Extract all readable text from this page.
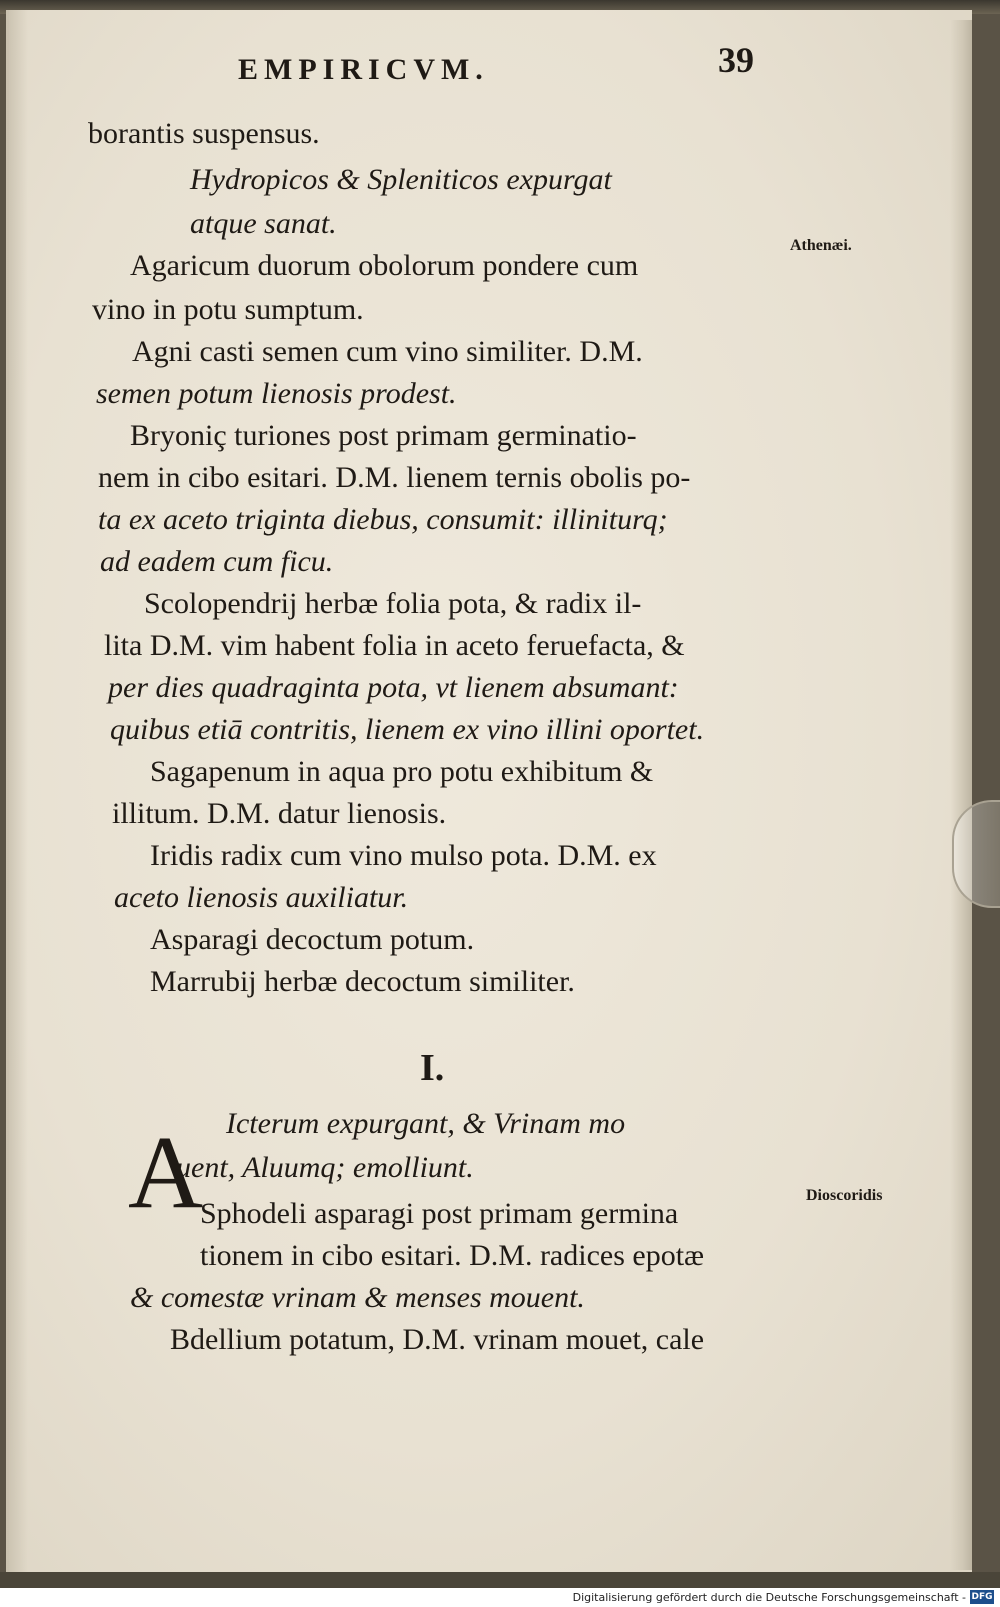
EMPIRICVM.	39

borantis suspensus.

Hydropicos & Spleniticos expurgat

atque sanat.

Agaricum duorum obolorum pondere cum

Athenæi.

vino in potu sumptum.

Agni casti semen cum vino similiter. D.M.

semen potum lienosis prodest.

Bryoniç turiones post primam germinatio-

nem in cibo esitari. D.M. lienem ternis obolis po-

ta ex aceto triginta diebus, consumit: illiniturq;

ad eadem cum ficu.

Scolopendrij herbæ folia pota, & radix il-

lita D.M. vim habent folia in aceto feruefacta, &

per dies quadraginta pota, vt lienem absumant:

quibus etiā contritis, lienem ex vino illini oportet.

Sagapenum in aqua pro potu exhibitum &

illitum. D.M. datur lienosis.

Iridis radix cum vino mulso pota. D.M. ex

aceto lienosis auxiliatur.

Asparagi decoctum potum.

Marrubij herbæ decoctum similiter.

I.

Icterum expurgant, & Vrinam mo

uent, Aluumq; emolliunt.

A

Sphodeli asparagi post primam germina

Dioscoridis

tionem in cibo esitari. D.M. radices epotæ

& comestæ vrinam & menses mouent.

Bdellium potatum, D.M. vrinam mouet, cale

Digitalisierung gefördert durch die Deutsche Forschungsgemeinschaft - DFG
